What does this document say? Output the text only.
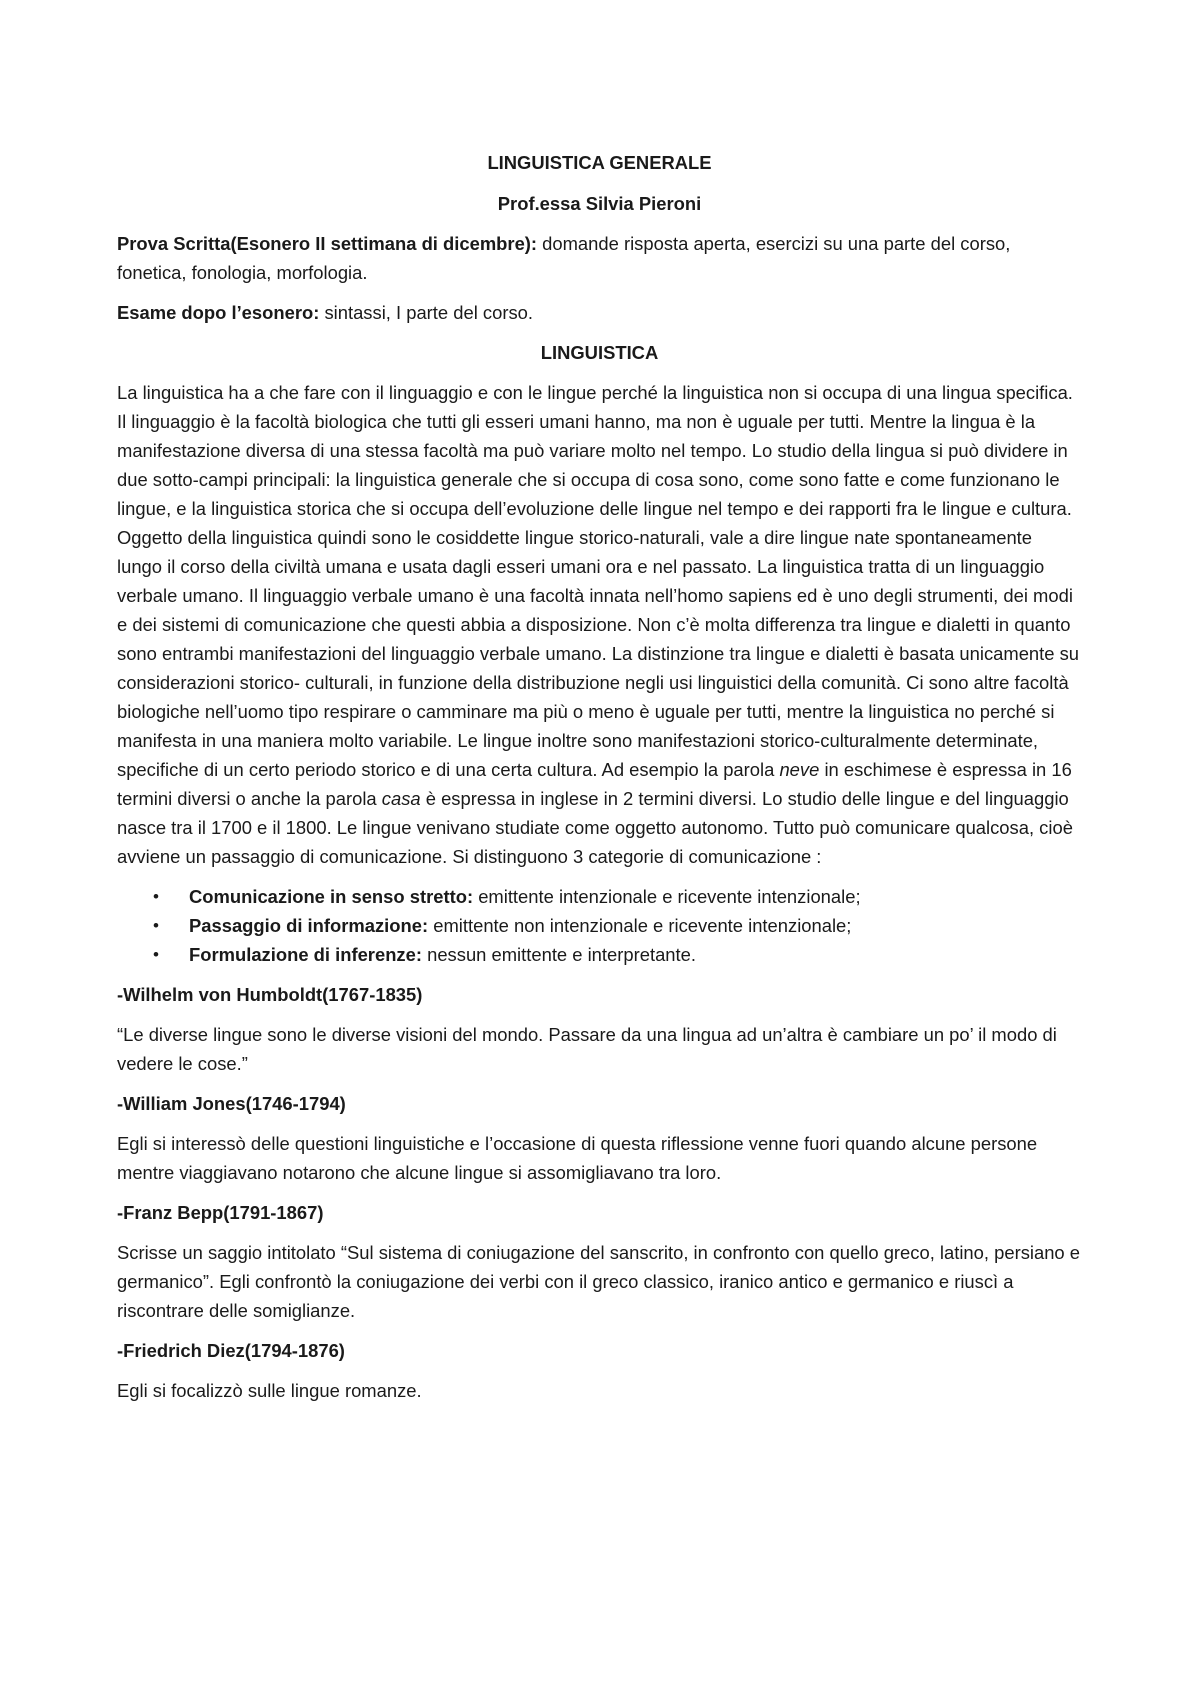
LINGUISTICA GENERALE

Prof.essa Silvia Pieroni

Prova Scritta(Esonero II settimana di dicembre): domande risposta aperta, esercizi su una parte del corso, fonetica, fonologia, morfologia.

Esame dopo l’esonero: sintassi, I parte del corso.

LINGUISTICA

La linguistica ha a che fare con il linguaggio e con le lingue perché la linguistica non si occupa di una lingua specifica. Il linguaggio è la facoltà biologica che tutti gli esseri umani hanno, ma non è uguale per tutti. Mentre la lingua è la manifestazione diversa di una stessa facoltà ma può variare molto nel tempo. Lo studio della lingua si può dividere in due sotto-campi principali: la linguistica generale che si occupa di cosa sono, come sono fatte e come funzionano le lingue, e la linguistica storica che si occupa dell’evoluzione delle lingue nel tempo e dei rapporti fra le lingue e cultura. Oggetto della linguistica quindi sono le cosiddette lingue storico-naturali, vale a dire lingue nate spontaneamente lungo il corso della civiltà umana e usata dagli esseri umani ora e nel passato. La linguistica tratta di un linguaggio verbale umano. Il linguaggio verbale umano è una facoltà innata nell’homo sapiens ed è uno degli strumenti, dei modi e dei sistemi di comunicazione che questi abbia a disposizione. Non c’è molta differenza tra lingue e dialetti in quanto sono entrambi manifestazioni del linguaggio verbale umano. La distinzione tra lingue e dialetti è basata unicamente su considerazioni storico- culturali, in funzione della distribuzione negli usi linguistici della comunità. Ci sono altre facoltà biologiche nell’uomo tipo respirare o camminare ma più o meno è uguale per tutti, mentre la linguistica no perché si manifesta in una maniera molto variabile. Le lingue inoltre sono manifestazioni storico-culturalmente determinate, specifiche di un certo periodo storico e di una certa cultura. Ad esempio la parola neve in eschimese è espressa in 16 termini diversi o anche la parola casa è espressa in inglese in 2 termini diversi. Lo studio delle lingue e del linguaggio nasce tra il 1700 e il 1800. Le lingue venivano studiate come oggetto autonomo. Tutto può comunicare qualcosa, cioè avviene un passaggio di comunicazione. Si distinguono 3 categorie di comunicazione :

• Comunicazione in senso stretto: emittente intenzionale e ricevente intenzionale;
• Passaggio di informazione: emittente non intenzionale e ricevente intenzionale;
• Formulazione di inferenze: nessun emittente e interpretante.

-Wilhelm von Humboldt(1767-1835)

“Le diverse lingue sono le diverse visioni del mondo. Passare da una lingua ad un’altra è cambiare un po’ il modo di vedere le cose.”

-William Jones(1746-1794)

Egli si interessò delle questioni linguistiche e l’occasione di questa riflessione venne fuori quando alcune persone mentre viaggiavano notarono che alcune lingue si assomigliavano tra loro.

-Franz Bepp(1791-1867)

Scrisse un saggio intitolato “Sul sistema di coniugazione del sanscrito, in confronto con quello greco, latino, persiano e germanico”. Egli confrontò la coniugazione dei verbi con il greco classico, iranico antico e germanico e riuscì a riscontrare delle somiglianze.

-Friedrich Diez(1794-1876)

Egli si focalizzò sulle lingue romanze.
